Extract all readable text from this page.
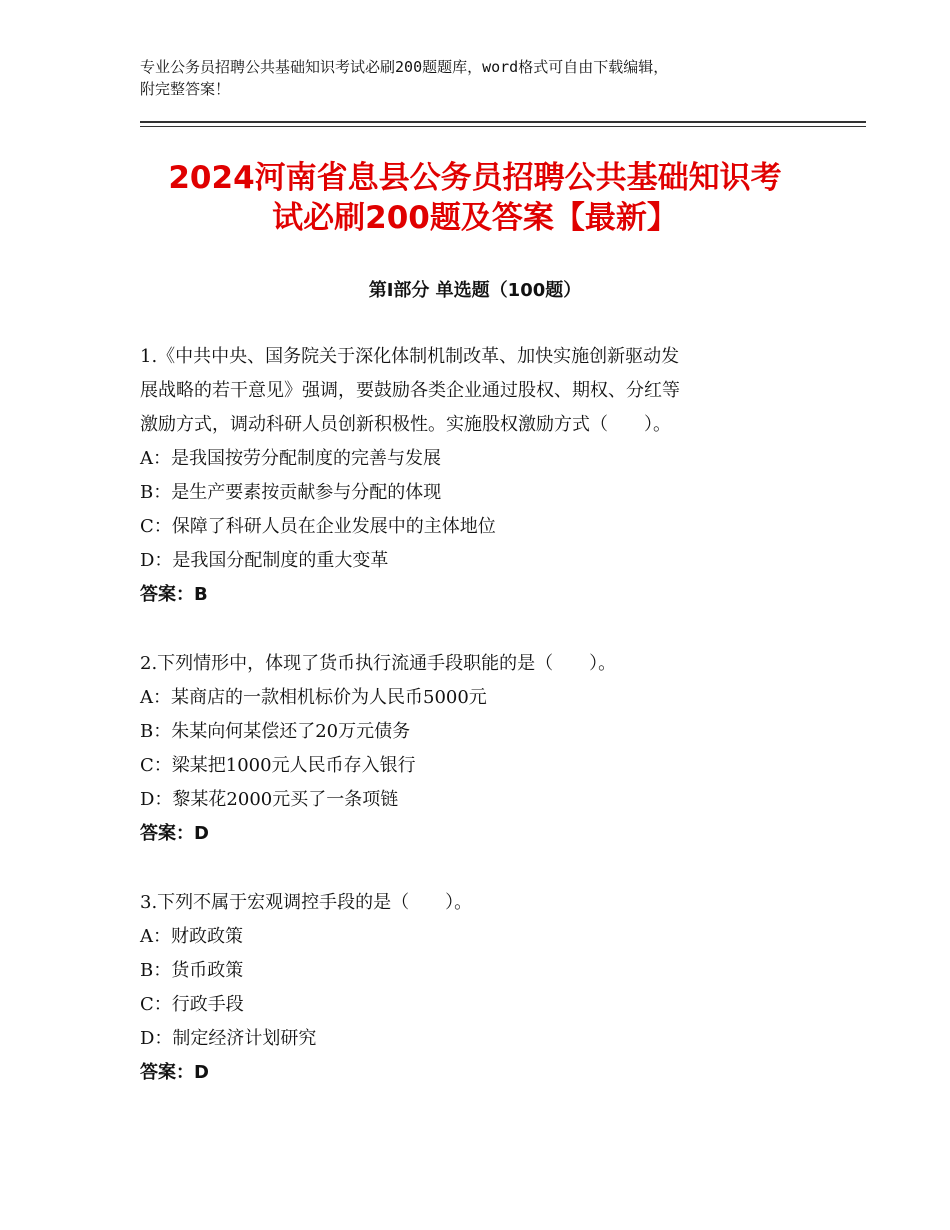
专业公务员招聘公共基础知识考试必刷200题题库，word格式可自由下载编辑，
附完整答案！
2024河南省息县公务员招聘公共基础知识考
试必刷200题及答案【最新】
第I部分 单选题（100题）
1.《中共中央、国务院关于深化体制机制改革、加快实施创新驱动发
展战略的若干意见》强调，要鼓励各类企业通过股权、期权、分红等
激励方式，调动科研人员创新积极性。实施股权激励方式（　　）。
A：是我国按劳分配制度的完善与发展
B：是生产要素按贡献参与分配的体现
C：保障了科研人员在企业发展中的主体地位
D：是我国分配制度的重大变革
答案：B
2.下列情形中，体现了货币执行流通手段职能的是（　　）。
A：某商店的一款相机标价为人民币5000元
B：朱某向何某偿还了20万元债务
C：梁某把1000元人民币存入银行
D：黎某花2000元买了一条项链
答案：D
3.下列不属于宏观调控手段的是（　　）。
A：财政政策
B：货币政策
C：行政手段
D：制定经济计划研究
答案：D
